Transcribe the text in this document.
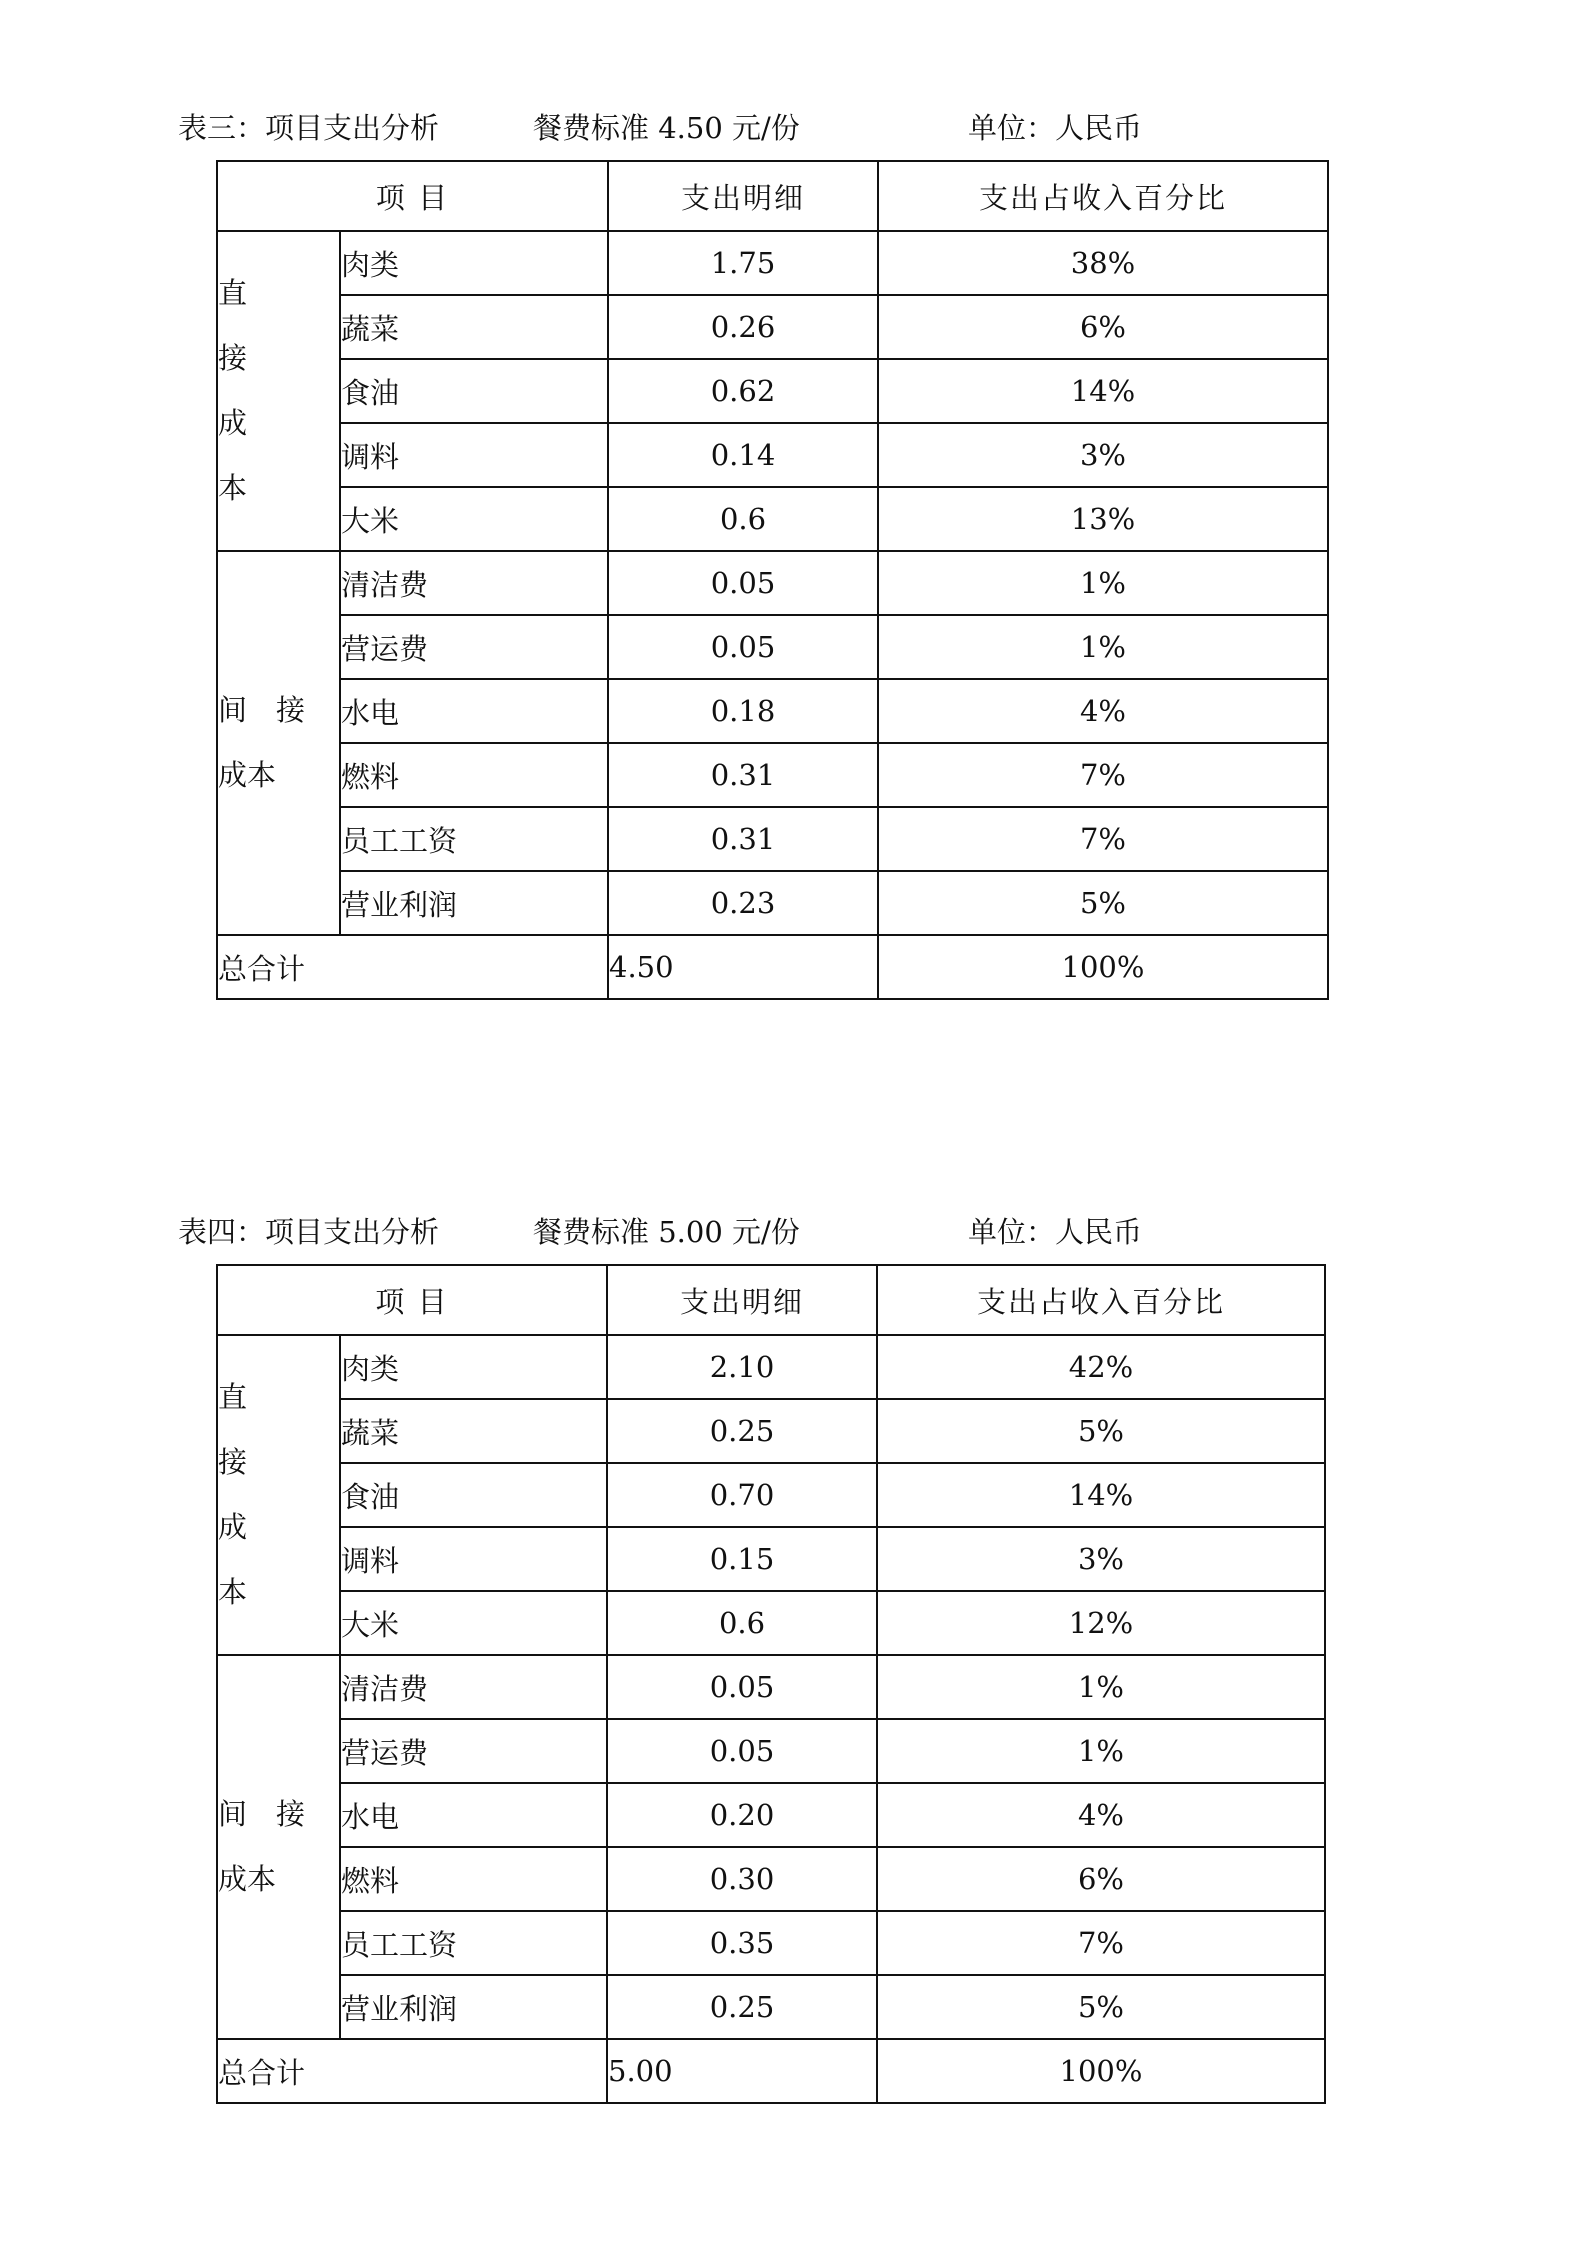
表三：项目支出分析	餐费标准 4.50 元/份	单位：人民币
项 目		支出明细	支出占收入百分比

直
接
成
本	肉类	1.75	38%
	蔬菜	0.26	6%
	食油	0.62	14%
	调料	0.14	3%
	大米	0.6	13%

间　接
成本	清洁费	0.05	1%
	营运费	0.05	1%
	水电	0.18	4%
	燃料	0.31	7%
	员工工资	0.31	7%
	营业利润	0.23	5%
总合计		4.50	100%
表四：项目支出分析	餐费标准 5.00 元/份	单位：人民币
项 目		支出明细	支出占收入百分比

直
接
成
本	肉类	2.10	42%
	蔬菜	0.25	5%
	食油	0.70	14%
	调料	0.15	3%
	大米	0.6	12%

间　接
成本	清洁费	0.05	1%
	营运费	0.05	1%
	水电	0.20	4%
	燃料	0.30	6%
	员工工资	0.35	7%
	营业利润	0.25	5%
总合计		5.00	100%
